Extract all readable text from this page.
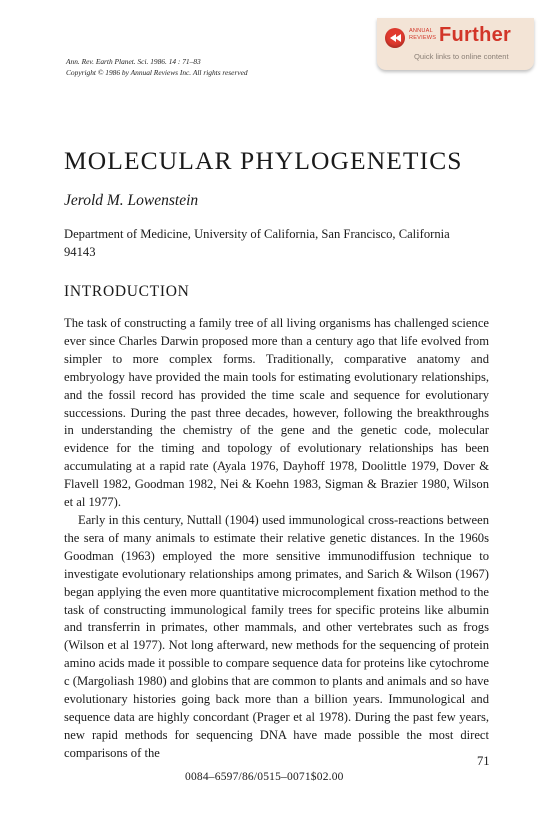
Ann. Rev. Earth Planet. Sci. 1986. 14 : 71–83
Copyright © 1986 by Annual Reviews Inc. All rights reserved
ANNUAL
REVIEWS Further
Quick links to online content
MOLECULAR PHYLOGENETICS
Jerold M. Lowenstein
Department of Medicine, University of California, San Francisco, California 94143
INTRODUCTION

The task of constructing a family tree of all living organisms has challenged science ever since Charles Darwin proposed more than a century ago that life evolved from simpler to more complex forms. Traditionally, comparative anatomy and embryology have provided the main tools for estimating evolutionary relationships, and the fossil record has provided the time scale and sequence for evolutionary successions. During the past three decades, however, following the breakthroughs in understanding the chemistry of the gene and the genetic code, molecular evidence for the timing and topology of evolutionary relationships has been accumulating at a rapid rate (Ayala 1976, Dayhoff 1978, Doolittle 1979, Dover & Flavell 1982, Goodman 1982, Nei & Koehn 1983, Sigman & Brazier 1980, Wilson et al 1977).

Early in this century, Nuttall (1904) used immunological cross-reactions between the sera of many animals to estimate their relative genetic distances. In the 1960s Goodman (1963) employed the more sensitive immunodiffusion technique to investigate evolutionary relationships among primates, and Sarich & Wilson (1967) began applying the even more quantitative microcomplement fixation method to the task of constructing immunological family trees for specific proteins like albumin and transferrin in primates, other mammals, and other vertebrates such as frogs (Wilson et al 1977). Not long afterward, new methods for the sequencing of protein amino acids made it possible to compare sequence data for proteins like cytochrome c (Margoliash 1980) and globins that are common to plants and animals and so have evolutionary histories going back more than a billion years. Immunological and sequence data are highly concordant (Prager et al 1978). During the past few years, new rapid methods for sequencing DNA have made possible the most direct comparisons of the

71
0084–6597/86/0515–0071$02.00
